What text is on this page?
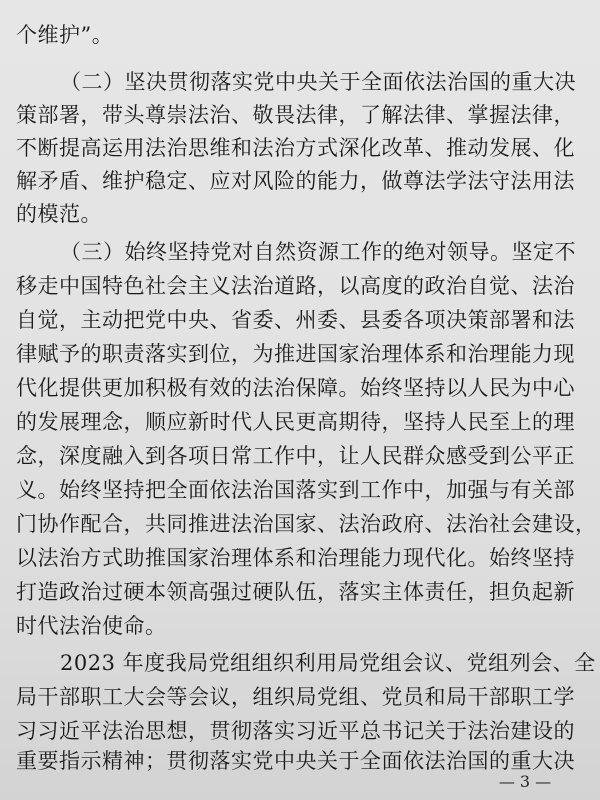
个维护”。
（二）坚决贯彻落实党中央关于全面依法治国的重大决
策部署，带头尊崇法治、敬畏法律，了解法律、掌握法律，
不断提高运用法治思维和法治方式深化改革、推动发展、化
解矛盾、维护稳定、应对风险的能力，做尊法学法守法用法
的模范。
（三）始终坚持党对自然资源工作的绝对领导。坚定不
移走中国特色社会主义法治道路，以高度的政治自觉、法治
自觉，主动把党中央、省委、州委、县委各项决策部署和法
律赋予的职责落实到位，为推进国家治理体系和治理能力现
代化提供更加积极有效的法治保障。始终坚持以人民为中心
的发展理念，顺应新时代人民更高期待，坚持人民至上的理
念，深度融入到各项日常工作中，让人民群众感受到公平正
义。始终坚持把全面依法治国落实到工作中，加强与有关部
门协作配合，共同推进法治国家、法治政府、法治社会建设，
以法治方式助推国家治理体系和治理能力现代化。始终坚持
打造政治过硬本领高强过硬队伍，落实主体责任，担负起新
时代法治使命。
2023 年度我局党组组织利用局党组会议、党组列会、全
局干部职工大会等会议，组织局党组、党员和局干部职工学
习习近平法治思想，贯彻落实习近平总书记关于法治建设的
重要指示精神；贯彻落实党中央关于全面依法治国的重大决
— 3 —
